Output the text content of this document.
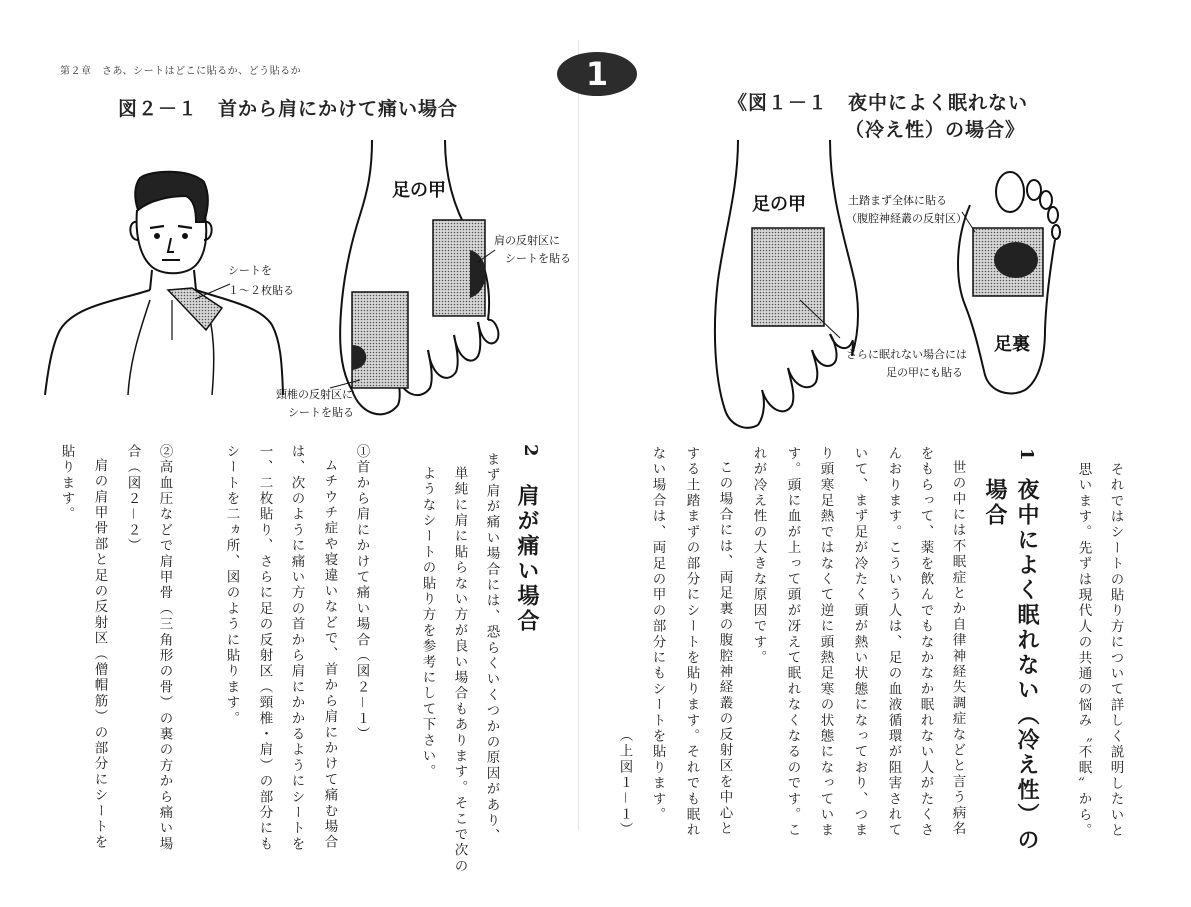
第２章　さあ、シートはどこに貼るか、どう貼るか	1
図２－１　首から肩にかけて痛い場合	《図１－１　夜中によく眠れない
（冷え性）の場合》
シートを
１〜２枚貼る
足の甲
肩の反射区に
シートを貼る
頸椎の反射区に
シートを貼る
足の甲	土踏まず全体に貼る
（腹腔神経叢の反射区）
足裏
さらに眠れない場合には
足の甲にも貼る
2
肩が痛い場合
まず肩が痛い場合には、恐らくいくつかの原因があり、
単純に肩に貼らない方が良い場合もあります。そこで次の
ようなシートの貼り方を参考にして下さい。
①首から肩にかけて痛い場合（図２－１）
ムチウチ症や寝違いなどで、首から肩にかけて痛む場合
は、次のように痛い方の首から肩にかかるようにシートを
一、二枚貼り、さらに足の反射区（頸椎・肩）の部分にも
シートを二ヵ所、図のように貼ります。
②高血圧などで肩甲骨（三角形の骨）の裏の方から痛い場
合（図２－２）
肩の肩甲骨部と足の反射区（僧帽筋）の部分にシートを
貼ります。	それではシートの貼り方について詳しく説明したいと
思います。先ずは現代人の共通の悩み〝不眠〟から。
1
夜中によく眠れない（冷え性）の
場合
世の中には不眠症とか自律神経失調症などと言う病名
をもらって、薬を飲んでもなかなか眠れない人がたくさ
んおります。こういう人は、足の血液循環が阻害されて
いて、まず足が冷たく頭が熱い状態になっており、つま
り頭寒足熱ではなくて逆に頭熱足寒の状態になっていま
す。頭に血が上って頭が冴えて眠れなくなるのです。こ
れが冷え性の大きな原因です。
この場合には、両足裏の腹腔神経叢の反射区を中心と
する土踏まずの部分にシートを貼ります。それでも眠れ
ない場合は、両足の甲の部分にもシートを貼ります。
（上図１－１）
